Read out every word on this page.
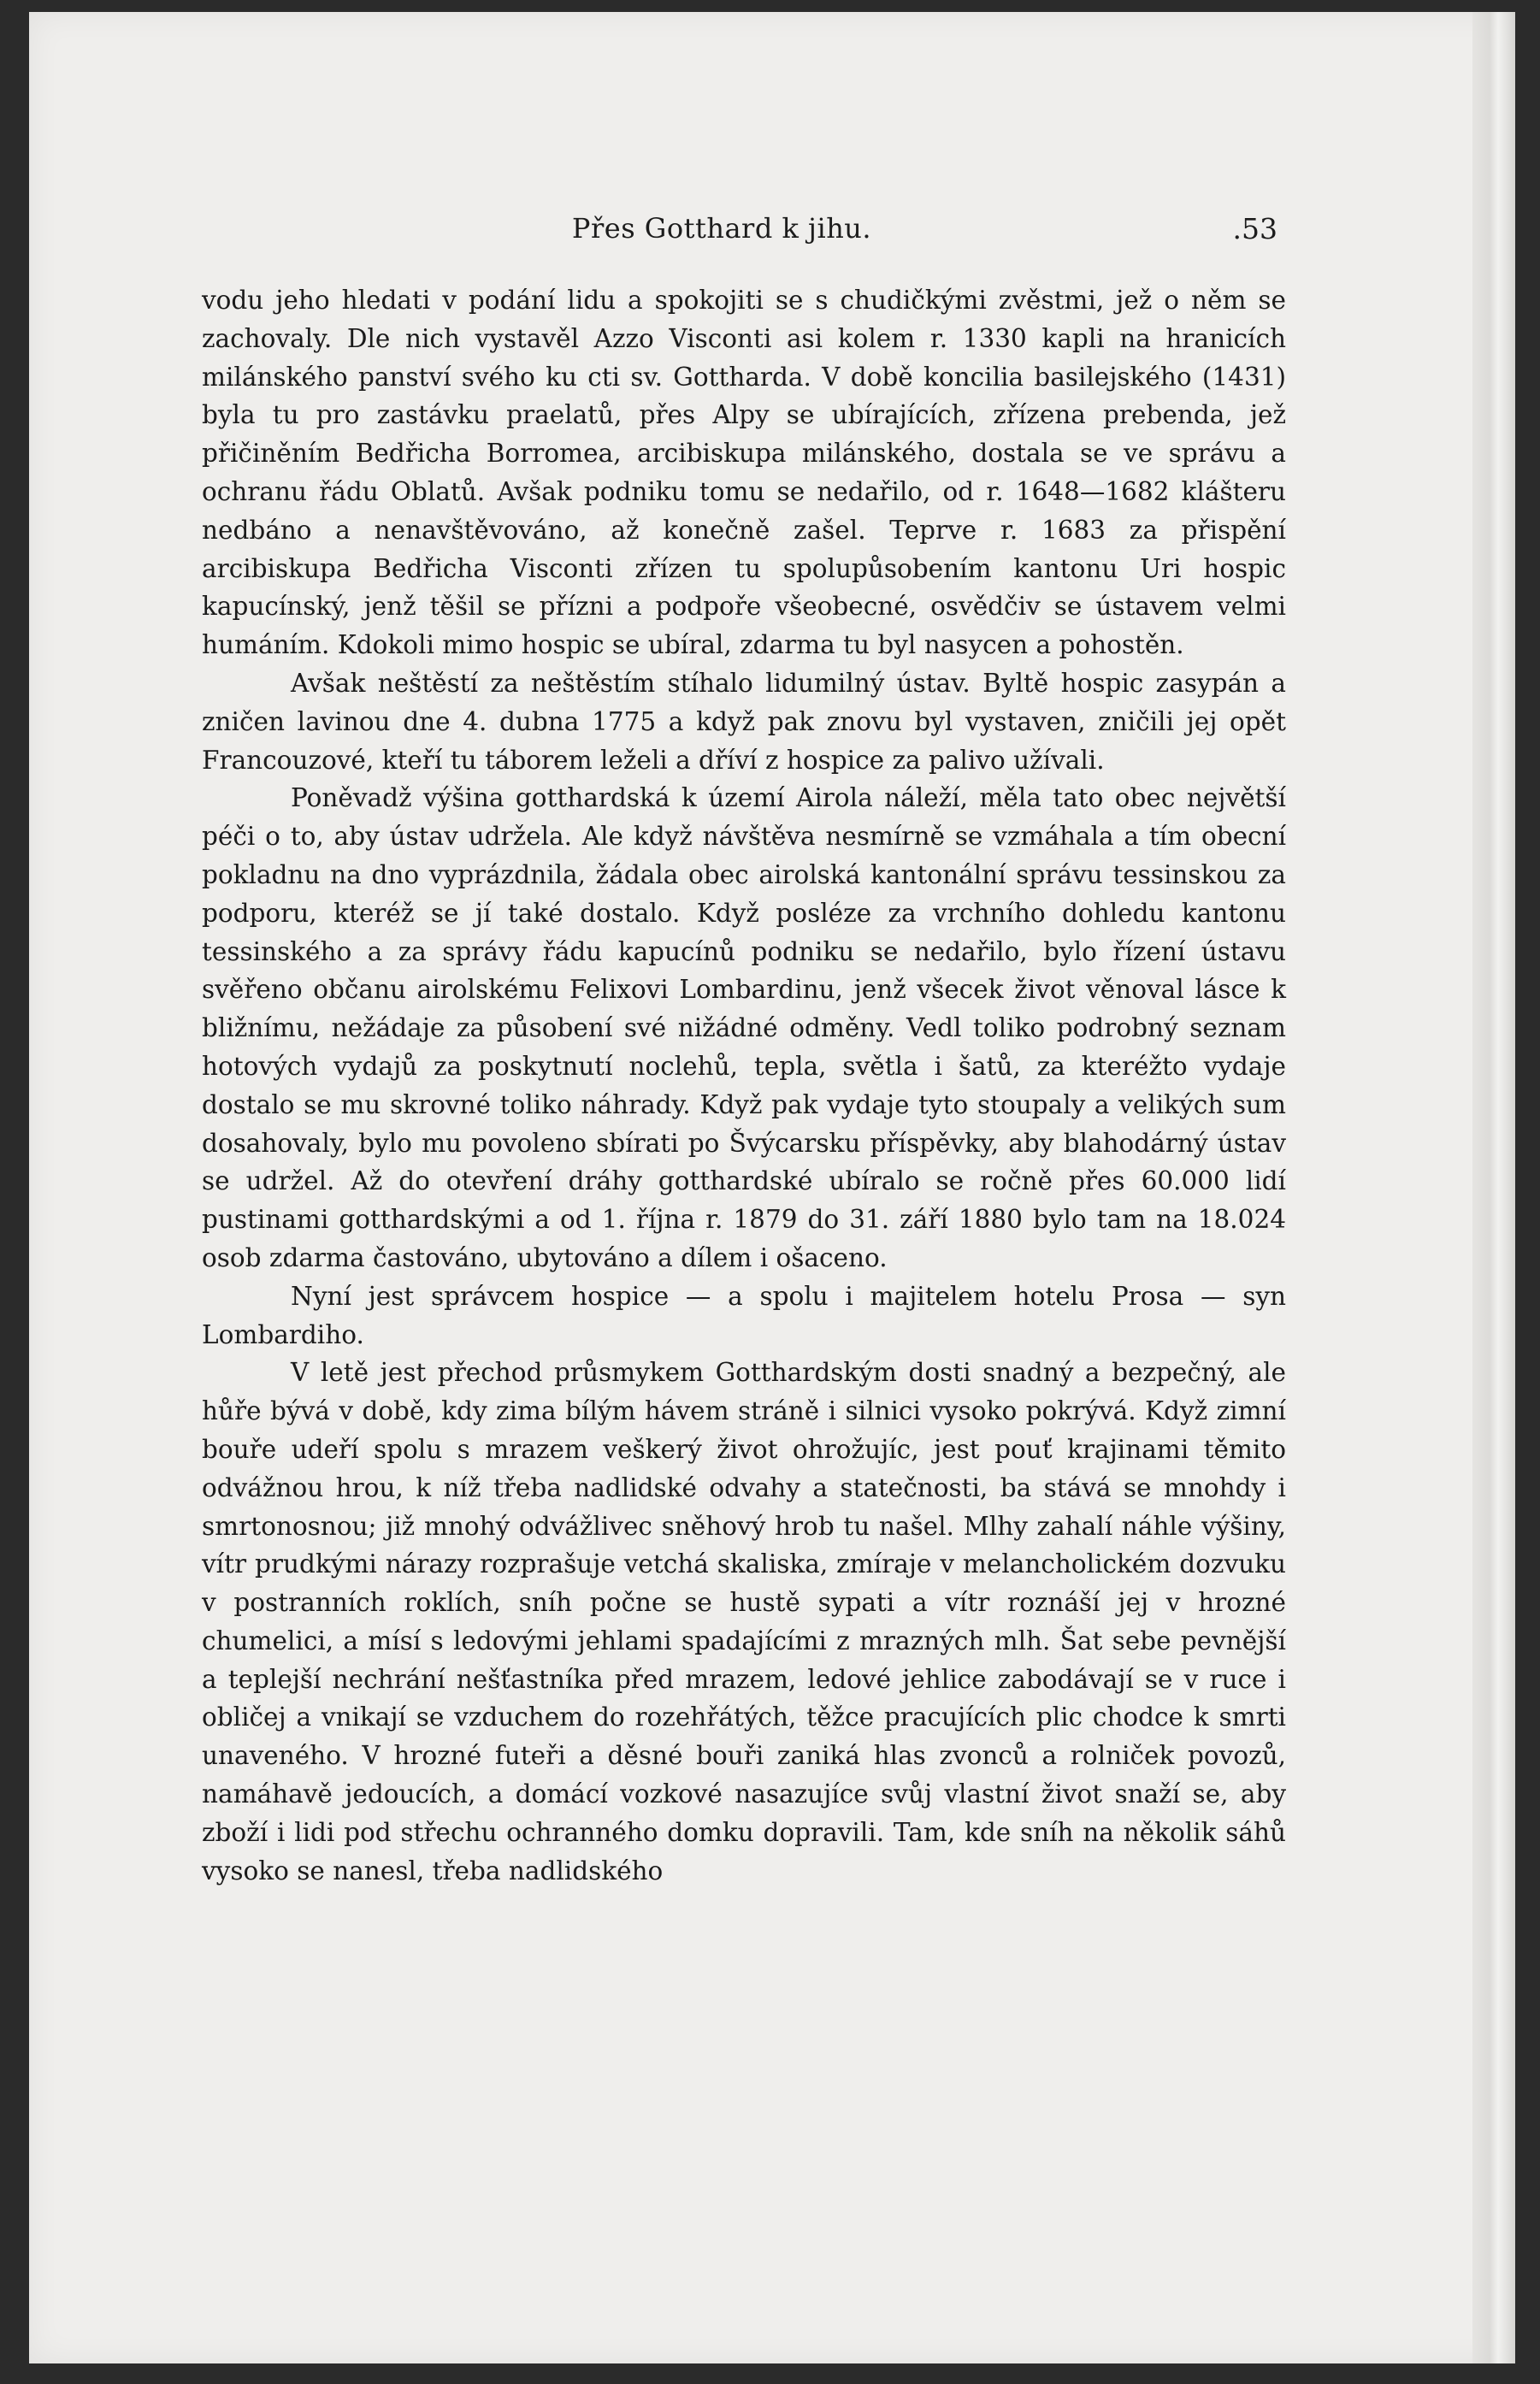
Přes Gotthard k jihu.	.53

vodu jeho hledati v podání lidu a spokojiti se s chudičkými zvěstmi, jež o něm se zachovaly. Dle nich vystavěl Azzo Visconti asi kolem r. 1330 kapli na hranicích milánského panství svého ku cti sv. Gotthardа. V době koncilia basilejského (1431) byla tu pro zastávku praelatů, přes Alpy se ubírajících, zřízena prebenda, jež přičiněním Bedřicha Borromea, arcibiskupa milánského, dostala se ve správu a ochranu řádu Oblatů. Avšak podniku tomu se nedařilo, od r. 1648—1682 klášteru nedbáno a nenavštěvováno, až konečně zašel. Teprve r. 1683 za přispění arcibiskupa Bedřicha Visconti zřízen tu spolupůsobením kantonu Uri hospic kapucínský, jenž těšil se přízni a podpoře všeobecné, osvědčiv se ústavem velmi humáním. Kdokoli mimo hospic se ubíral, zdarma tu byl nasycen a pohostěn.

Avšak neštěstí za neštěstím stíhalo lidumilný ústav. Byltě hospic zasypán a zničen lavinou dne 4. dubna 1775 a když pak znovu byl vystaven, zničili jej opět Francouzové, kteří tu táborem leželi a dříví z hospice za palivo užívali.

Poněvadž výšina gotthardská k území Airola náleží, měla tato obec největší péči o to, aby ústav udržela. Ale když návštěva nesmírně se vzmáhala a tím obecní pokladnu na dno vyprázdnila, žádala obec airolská kantonální správu tessinskou za podporu, kteréž se jí také dostalo. Když posléze za vrchního dohledu kantonu tessinského a za správy řádu kapucínů podniku se nedařilo, bylo řízení ústavu svěřeno občanu airolskému Felixovi Lombardinu, jenž všecek život věnoval lásce k bližnímu, nežádaje za působení své nižádné odměny. Vedl toliko podrobný seznam hotových vydajů za poskytnutí noclehů, tepla, světla i šatů, za kteréžto vydaje dostalo se mu skrovné toliko náhrady. Když pak vydaje tyto stoupaly a velikých sum dosahovaly, bylo mu povoleno sbírati po Švýcarsku příspěvky, aby blahodárný ústav se udržel. Až do otevření dráhy gotthardské ubíralo se ročně přes 60.000 lidí pustinami gotthardskými a od 1. října r. 1879 do 31. září 1880 bylo tam na 18.024 osob zdarma častováno, ubytováno a dílem i ošaceno.

Nyní jest správcem hospice — a spolu i majitelem hotelu Prosa — syn Lombardiho.

V letě jest přechod průsmykem Gotthardským dosti snadný a bezpečný, ale hůře bývá v době, kdy zima bílým hávem stráně i silnici vysoko pokrývá. Když zimní bouře udeří spolu s mrazem veškerý život ohrožujíc, jest pouť krajinami těmito odvážnou hrou, k níž třeba nadlidské odvahy a statečnosti, ba stává se mnohdy i smrtonosnou; již mnohý odvážlivec sněhový hrob tu našel. Mlhy zahalí náhle výšiny, vítr prudkými nárazy rozprašuje vetchá skaliska, zmíraje v melancholickém dozvuku v postranních roklích, sníh počne se hustě sypati a vítr roznáší jej v hrozné chumelici, a mísí s ledovými jehlami spadajícími z mrazných mlh. Šat sebe pevnější a teplejší nechrání nešťastníka před mrazem, ledové jehlice zabodávají se v ruce i obličej a vnikají se vzduchem do rozehřátých, těžce pracujících plic chodce k smrti unaveného. V hrozné futeři a děsné bouři zaniká hlas zvonců a rolniček povozů, namáhavě jedoucích, a domácí vozkové nasazujíce svůj vlastní život snaží se, aby zboží i lidi pod střechu ochranného domku dopravili. Tam, kde sníh na několik sáhů vysoko se nanesl, třeba nadlidského
